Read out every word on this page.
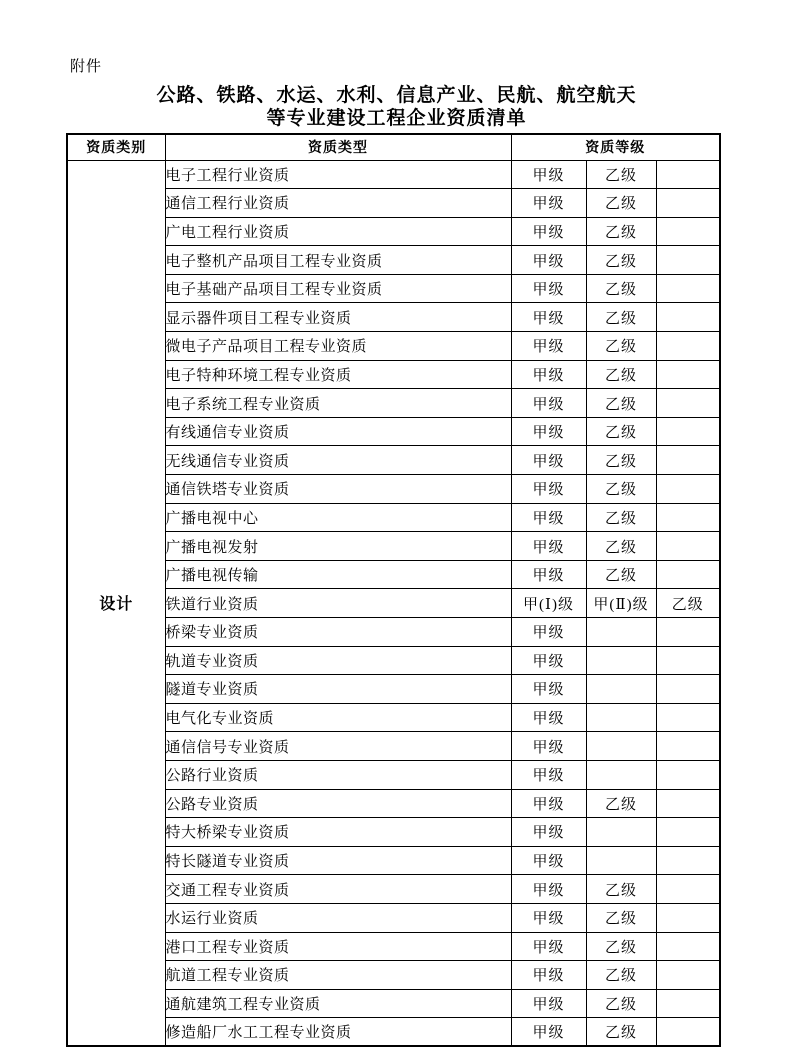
附件
公路、铁路、水运、水利、信息产业、民航、航空航天
等专业建设工程企业资质清单
资质类别	资质类型	资质等级		
设计	电子工程行业资质	甲级	乙级	
	通信工程行业资质	甲级	乙级	
	广电工程行业资质	甲级	乙级	
	电子整机产品项目工程专业资质	甲级	乙级	
	电子基础产品项目工程专业资质	甲级	乙级	
	显示器件项目工程专业资质	甲级	乙级	
	微电子产品项目工程专业资质	甲级	乙级	
	电子特种环境工程专业资质	甲级	乙级	
	电子系统工程专业资质	甲级	乙级	
	有线通信专业资质	甲级	乙级	
	无线通信专业资质	甲级	乙级	
	通信铁塔专业资质	甲级	乙级	
	广播电视中心	甲级	乙级	
	广播电视发射	甲级	乙级	
	广播电视传输	甲级	乙级	
	铁道行业资质	甲(Ⅰ)级	甲(Ⅱ)级	乙级
	桥梁专业资质	甲级		
	轨道专业资质	甲级		
	隧道专业资质	甲级		
	电气化专业资质	甲级		
	通信信号专业资质	甲级		
	公路行业资质	甲级		
	公路专业资质	甲级	乙级	
	特大桥梁专业资质	甲级		
	特长隧道专业资质	甲级		
	交通工程专业资质	甲级	乙级	
	水运行业资质	甲级	乙级	
	港口工程专业资质	甲级	乙级	
	航道工程专业资质	甲级	乙级	
	通航建筑工程专业资质	甲级	乙级	
	修造船厂水工工程专业资质	甲级	乙级	
